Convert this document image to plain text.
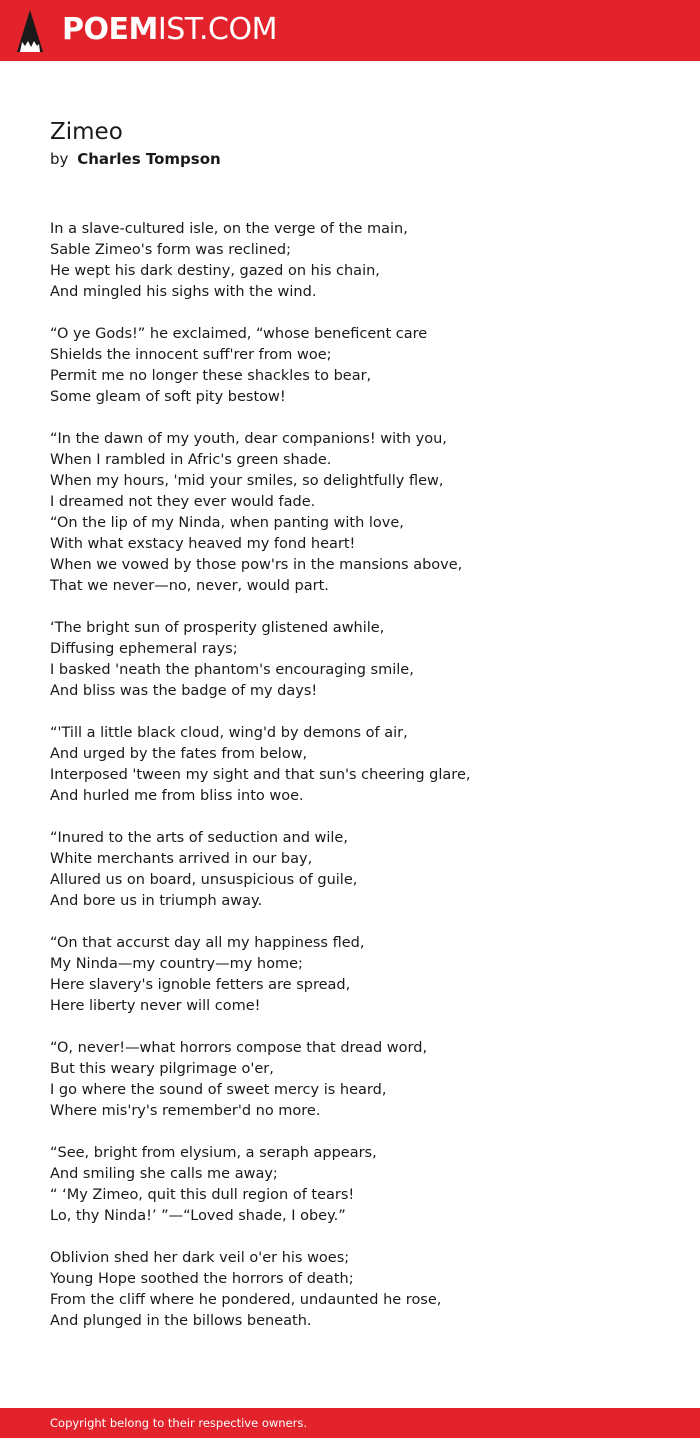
POEMIST.COM
Zimeo
by Charles Tompson
In a slave-cultured isle, on the verge of the main,
Sable Zimeo's form was reclined;
He wept his dark destiny, gazed on his chain,
And mingled his sighs with the wind.
“O ye Gods!” he exclaimed, “whose beneficent care
Shields the innocent suff'rer from woe;
Permit me no longer these shackles to bear,
Some gleam of soft pity bestow!
“In the dawn of my youth, dear companions! with you,
When I rambled in Afric's green shade.
When my hours, 'mid your smiles, so delightfully flew,
I dreamed not they ever would fade.
“On the lip of my Ninda, when panting with love,
With what exstacy heaved my fond heart!
When we vowed by those pow'rs in the mansions above,
That we never—no, never, would part.
‘The bright sun of prosperity glistened awhile,
Diffusing ephemeral rays;
I basked 'neath the phantom's encouraging smile,
And bliss was the badge of my days!
“'Till a little black cloud, wing'd by demons of air,
And urged by the fates from below,
Interposed 'tween my sight and that sun's cheering glare,
And hurled me from bliss into woe.
“Inured to the arts of seduction and wile,
White merchants arrived in our bay,
Allured us on board, unsuspicious of guile,
And bore us in triumph away.
“On that accurst day all my happiness fled,
My Ninda—my country—my home;
Here slavery's ignoble fetters are spread,
Here liberty never will come!
“O, never!—what horrors compose that dread word,
But this weary pilgrimage o'er,
I go where the sound of sweet mercy is heard,
Where mis'ry's remember'd no more.
“See, bright from elysium, a seraph appears,
And smiling she calls me away;
“ ‘My Zimeo, quit this dull region of tears!
Lo, thy Ninda!’ ”—“Loved shade, I obey.”
Oblivion shed her dark veil o'er his woes;
Young Hope soothed the horrors of death;
From the cliff where he pondered, undaunted he rose,
And plunged in the billows beneath.
Copyright belong to their respective owners.
